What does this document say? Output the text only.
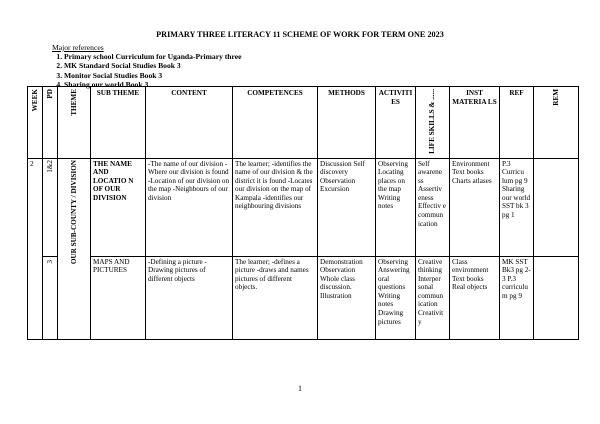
PRIMARY THREE LITERACY 11 SCHEME OF WORK FOR TERM ONE 2023
Major references
1. Primary school Curriculum for Uganda-Primary three
2. MK Standard Social Studies Book 3
3. Monitor Social Studies Book 3
4. Sharing our world Book 3
WEEK	PD	THEME	SUB THEME	CONTENT	COMPETENCES	METHODS	ACTIVITI ES	LIFE SKILLS & ......	INST MATERIA LS	REF	REM
2	1&2	OUR SUB-COUNTY / DIVISION	THE NAME AND LOCATIO N OF OUR DIVISION	-The name of our division -Where our division is found -Location of our division on the map -Neighbours of our division	The learner; -identifies the name of our division & the district it is found -Locates our division on the map of Kampala -identifies our neighbouring divisions	Discussion Self discovery Observation Excursion	Observing Locating places on the map Writing notes	Self awarene ss Assertiv eness Effectiv e commun ication	Environment Text books Charts atlases	P.3 Curricu lum pg 9 Sharing our world SST bk 3 pg 1	
	3		MAPS AND PICTURES	-Defining a picture -Drawing pictures of different objects	The learner; -defines a picture -draws and names pictures of different objects.	Demonstration Observation Whole class discussion. Illustration	Observing Answering oral questions Writing notes Drawing pictures	Creative thinking Interper sonal commun ication Creativit y	Class environment Text books Real objects	MK SST Bk3 pg 2-3 P.3 curriculu m pg 9	
1
